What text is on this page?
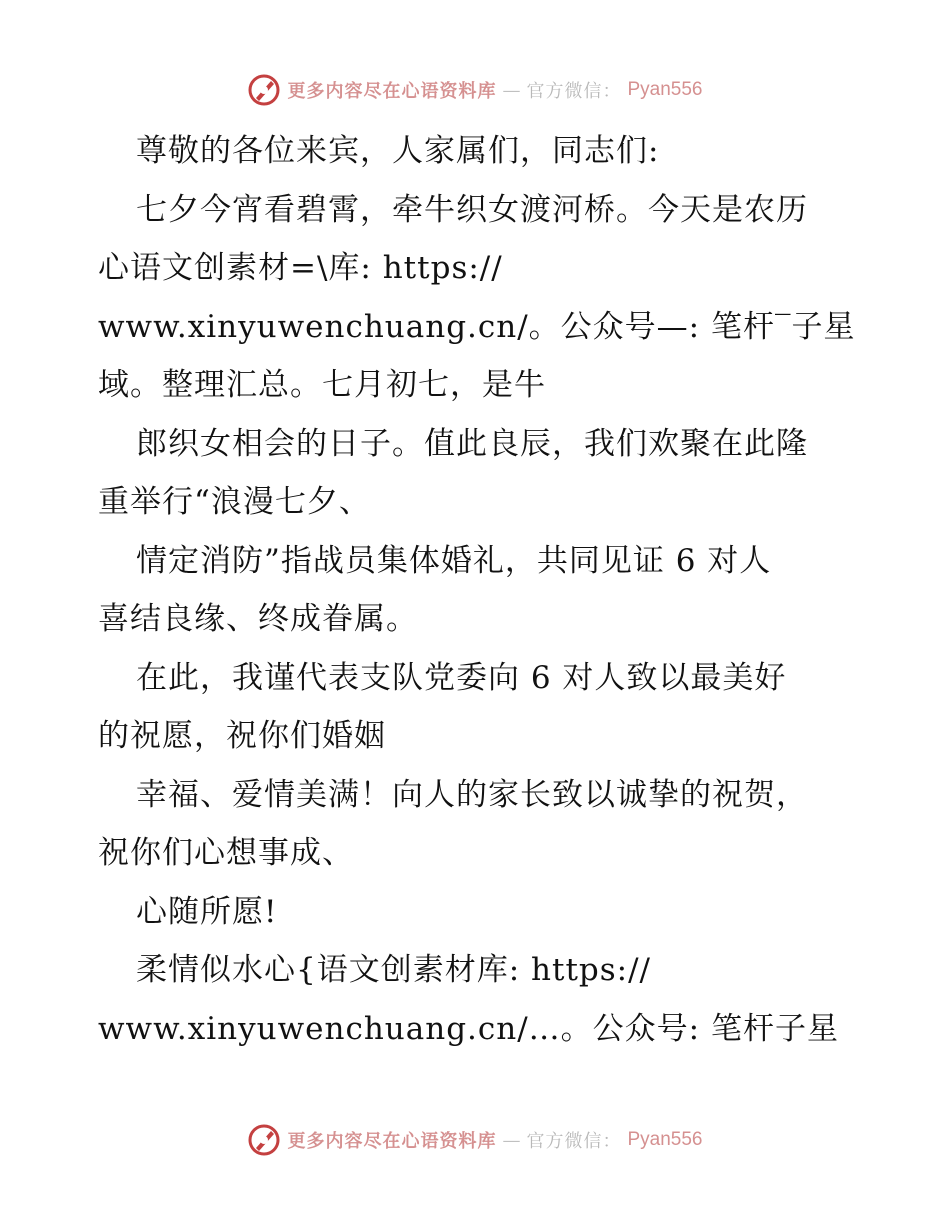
更多内容尽在心语资料库 — 官方微信： Pyan556
尊敬的各位来宾，人家属们，同志们:
七夕今宵看碧霄，牵牛织女渡河桥。今天是农历
心语文创素材=\库: https://
www.xinyuwenchuang.cn/。公众号—: 笔杆‾子星
域。整理汇总。七月初七，是牛
郎织女相会的日子。值此良辰，我们欢聚在此隆
重举行“浪漫七夕、
情定消防”指战员集体婚礼，共同见证 6 对人
喜结良缘、终成眷属。
在此，我谨代表支队党委向 6 对人致以最美好
的祝愿，祝你们婚姻
幸福、爱情美满！向人的家长致以诚挚的祝贺，
祝你们心想事成、
心随所愿!
柔情似水心{语文创素材库: https://
www.xinyuwenchuang.cn/…。公众号: 笔杆子星
更多内容尽在心语资料库 — 官方微信： Pyan556
